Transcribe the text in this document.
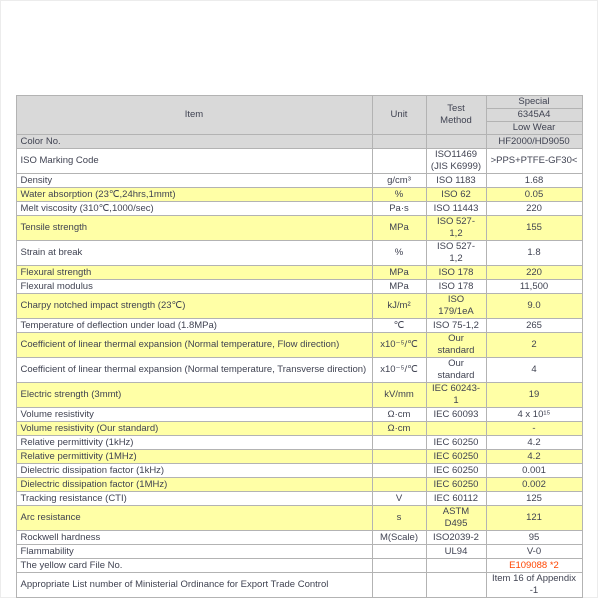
Item	Unit	Test Method	Special
			6345A4
			Low Wear
Color No.			HF2000/HD9050
ISO Marking Code		ISO11469 (JIS K6999)	>PPS+PTFE-GF30<
Density	g/cm³	ISO 1183	1.68
Water absorption (23℃,24hrs,1mmt)	%	ISO 62	0.05
Melt viscosity (310℃,1000/sec)	Pa·s	ISO 11443	220
Tensile strength	MPa	ISO 527-1,2	155
Strain at break	%	ISO 527-1,2	1.8
Flexural strength	MPa	ISO 178	220
Flexural modulus	MPa	ISO 178	11,500
Charpy notched impact strength (23℃)	kJ/m²	ISO 179/1eA	9.0
Temperature of deflection under load (1.8MPa)	℃	ISO 75-1,2	265
Coefficient of linear thermal expansion (Normal temperature, Flow direction)	x10⁻⁵/℃	Our standard	2
Coefficient of linear thermal expansion (Normal temperature, Transverse direction)	x10⁻⁵/℃	Our standard	4
Electric strength (3mmt)	kV/mm	IEC 60243-1	19
Volume resistivity	Ω·cm	IEC 60093	4 x 10¹⁵
Volume resistivity (Our standard)	Ω·cm		-
Relative permittivity (1kHz)		IEC 60250	4.2
Relative permittivity (1MHz)		IEC 60250	4.2
Dielectric dissipation factor (1kHz)		IEC 60250	0.001
Dielectric dissipation factor (1MHz)		IEC 60250	0.002
Tracking resistance (CTI)	V	IEC 60112	125
Arc resistance	s	ASTM D495	121
Rockwell hardness	M(Scale)	ISO2039-2	95
Flammability		UL94	V-0
The yellow card File No.			E109088 *2
Appropriate List number of Ministerial Ordinance for Export Trade Control			Item 16 of Appendix -1
